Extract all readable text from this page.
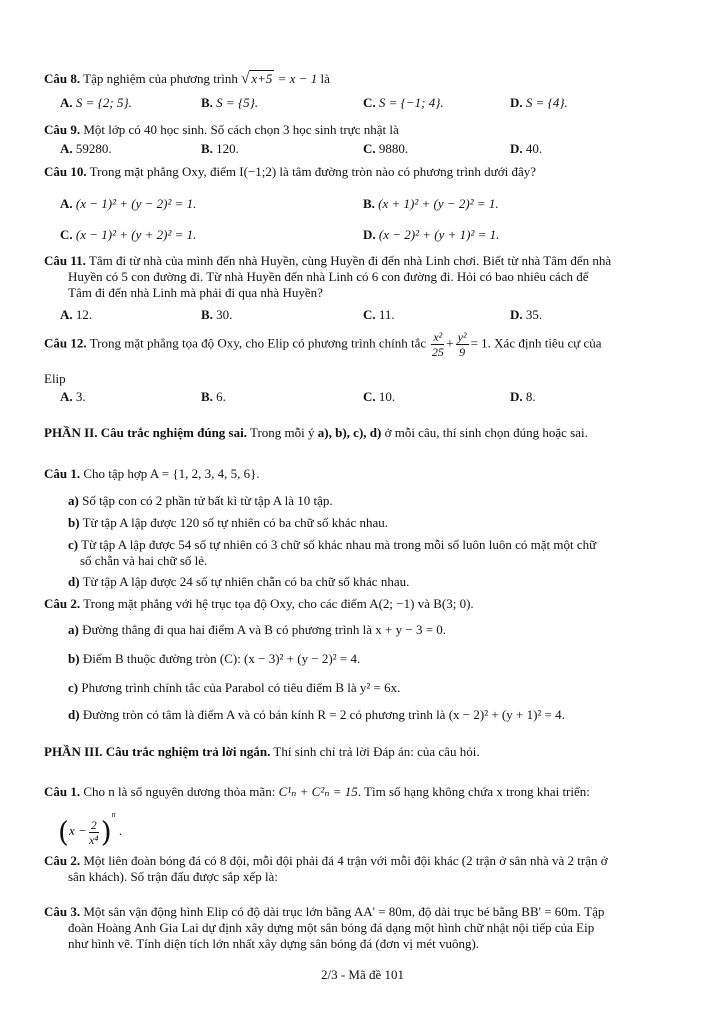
Câu 8. Tập nghiệm của phương trình √ x+5 = x − 1 là
A. S = {2; 5}.	B. S = {5}.	C. S = {−1; 4}.	D. S = {4}.
Câu 9. Một lớp có 40 học sinh. Số cách chọn 3 học sinh trực nhật là
A. 59280.	B. 120.	C. 9880.	D. 40.
Câu 10. Trong mặt phẳng Oxy, điểm I(−1;2) là tâm đường tròn nào có phương trình dưới đây?
A. (x − 1)² + (y − 2)² = 1.	B. (x + 1)² + (y − 2)² = 1.
C. (x − 1)² + (y + 2)² = 1.	D. (x − 2)² + (y + 1)² = 1.
Câu 11. Tâm đi từ nhà của mình đến nhà Huyền, cùng Huyền đi đến nhà Linh chơi. Biết từ nhà Tâm đến nhà
Huyền có 5 con đường đi. Từ nhà Huyền đến nhà Linh có 6 con đường đi. Hỏi có bao nhiêu cách để
Tâm đi đến nhà Linh mà phải đi qua nhà Huyền?
A. 12.	B. 30.	C. 11.	D. 35.
Câu 12. Trong mặt phẳng tọa độ Oxy, cho Elip có phương trình chính tắc $\frac{\text{x²}}{25} + \frac{\text{y²}}{9} = 1$. Xác định tiêu cự của
Elip
A. 3.	B. 6.	C. 10.	D. 8.
PHẦN II. Câu trắc nghiệm đúng sai. Trong mỗi ý a), b), c), d) ở mỗi câu, thí sinh chọn đúng hoặc sai.
Câu 1. Cho tập hợp A = {1, 2, 3, 4, 5, 6}.
a) Số tập con có 2 phần tử bất kì từ tập A là 10 tập.
b) Từ tập A lập được 120 số tự nhiên có ba chữ số khác nhau.
c) Từ tập A lập được 54 số tự nhiên có 3 chữ số khác nhau mà trong mỗi số luôn luôn có mặt một chữ
số chẵn và hai chữ số lẻ.
d) Từ tập A lập được 24 số tự nhiên chẵn có ba chữ số khác nhau.
Câu 2. Trong mặt phẳng với hệ trục tọa độ Oxy, cho các điểm A(2; −1) và B(3; 0).
a) Đường thẳng đi qua hai điểm A và B có phương trình là x + y − 3 = 0.
b) Điểm B thuộc đường tròn (C): (x − 3)² + (y − 2)² = 4.
c) Phương trình chính tắc của Parabol có tiêu điểm B là y² = 6x.
d) Đường tròn có tâm là điểm A và có bán kính R = 2 có phương trình là (x − 2)² + (y + 1)² = 4.
PHẦN III. Câu trắc nghiệm trả lời ngắn. Thí sinh chỉ trả lời Đáp án: của câu hỏi.
Câu 1. Cho n là số nguyên dương thỏa mãn: C¹ₙ + C²ₙ = 15. Tìm số hạng không chứa x trong khai triển:
$(x - \frac{2}{\text{x⁴}} )^n$ .
Câu 2. Một liên đoàn bóng đá có 8 đội, mỗi đội phải đá 4 trận với mỗi đội khác (2 trận ở sân nhà và 2 trận ở
sân khách). Số trận đấu được sắp xếp là:
Câu 3. Một sân vận động hình Elip có độ dài trục lớn bằng AA' = 80m, độ dài trục bé bằng BB' = 60m. Tập
đoàn Hoàng Anh Gia Lai dự định xây dựng một sân bóng đá dạng một hình chữ nhật nội tiếp của Eip
như hình vẽ. Tính diện tích lớn nhất xây dựng sân bóng đá (đơn vị mét vuông).
2/3 - Mã đề 101
